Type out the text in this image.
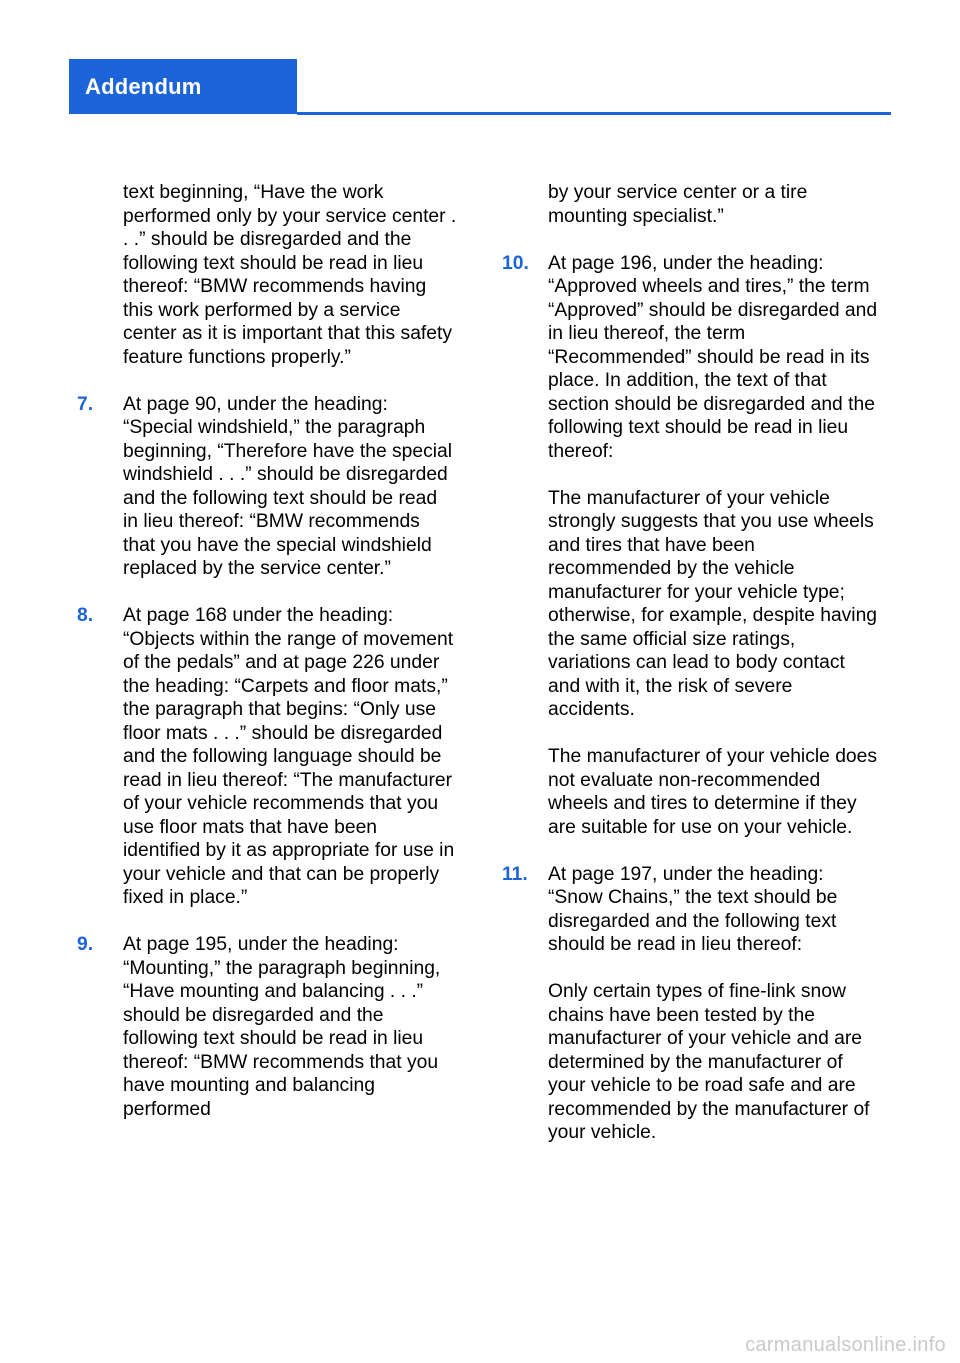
Addendum

text beginning, “Have the work performed only by your service center . . .” should be disregarded and the following text should be read in lieu thereof: “BMW recommends having this work performed by a service center as it is important that this safety feature functions properly.”

7. At page 90, under the heading: “Special windshield,” the paragraph beginning, “Therefore have the special windshield . . .” should be disregarded and the following text should be read in lieu thereof: “BMW recommends that you have the special windshield replaced by the service center.”

8. At page 168 under the heading: “Objects within the range of movement of the pedals” and at page 226 under the heading: “Carpets and floor mats,” the paragraph that begins: “Only use floor mats . . .” should be disregarded and the following language should be read in lieu thereof: “The manufacturer of your vehicle recommends that you use floor mats that have been identified by it as appropriate for use in your vehicle and that can be properly fixed in place.”

9. At page 195, under the heading: “Mounting,” the paragraph beginning, “Have mounting and balancing . . .” should be disregarded and the following text should be read in lieu thereof: “BMW recommends that you have mounting and balancing performed

by your service center or a tire mounting specialist.”

10. At page 196, under the heading: “Approved wheels and tires,” the term “Approved” should be disregarded and in lieu thereof, the term “Recommended” should be read in its place. In addition, the text of that section should be disregarded and the following text should be read in lieu thereof:

The manufacturer of your vehicle strongly suggests that you use wheels and tires that have been recommended by the vehicle manufacturer for your vehicle type; otherwise, for example, despite having the same official size ratings, variations can lead to body contact and with it, the risk of severe accidents.

The manufacturer of your vehicle does not evaluate non-recommended wheels and tires to determine if they are suitable for use on your vehicle.

11. At page 197, under the heading: “Snow Chains,” the text should be disregarded and the following text should be read in lieu thereof:

Only certain types of fine-link snow chains have been tested by the manufacturer of your vehicle and are determined by the manufacturer of your vehicle to be road safe and are recommended by the manufacturer of your vehicle.

carmanualsonline.info
